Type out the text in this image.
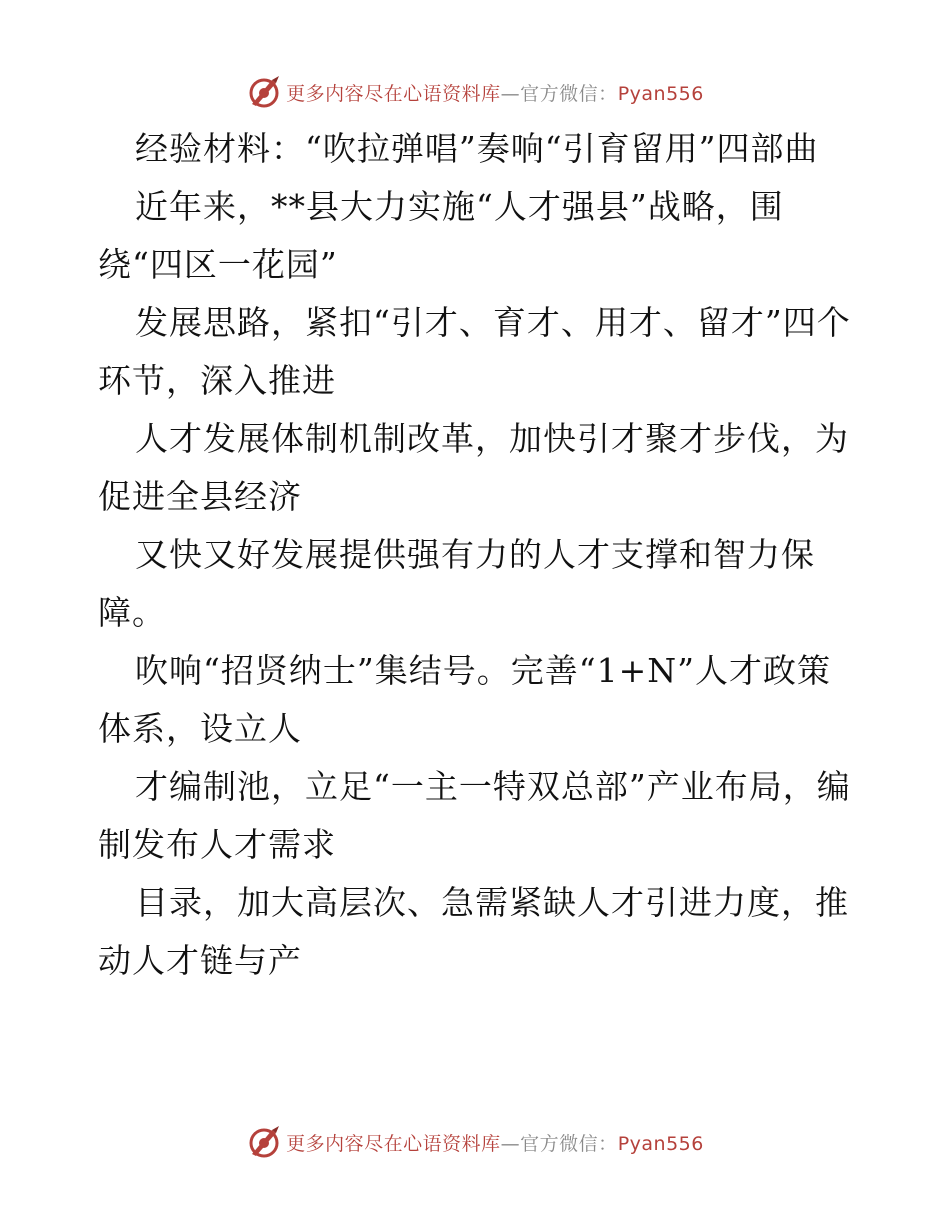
更多内容尽在心语资料库—官方微信：Pyan556

经验材料：“吹拉弹唱”奏响“引育留用”四部曲

近年来，**县大力实施“人才强县”战略，围绕“四区一花园”

发展思路，紧扣“引才、育才、用才、留才”四个环节，深入推进

人才发展体制机制改革，加快引才聚才步伐，为促进全县经济

又快又好发展提供强有力的人才支撑和智力保障。

吹响“招贤纳士”集结号。完善“1+N”人才政策体系，设立人

才编制池，立足“一主一特双总部”产业布局，编制发布人才需求

目录，加大高层次、急需紧缺人才引进力度，推动人才链与产

更多内容尽在心语资料库—官方微信：Pyan556
